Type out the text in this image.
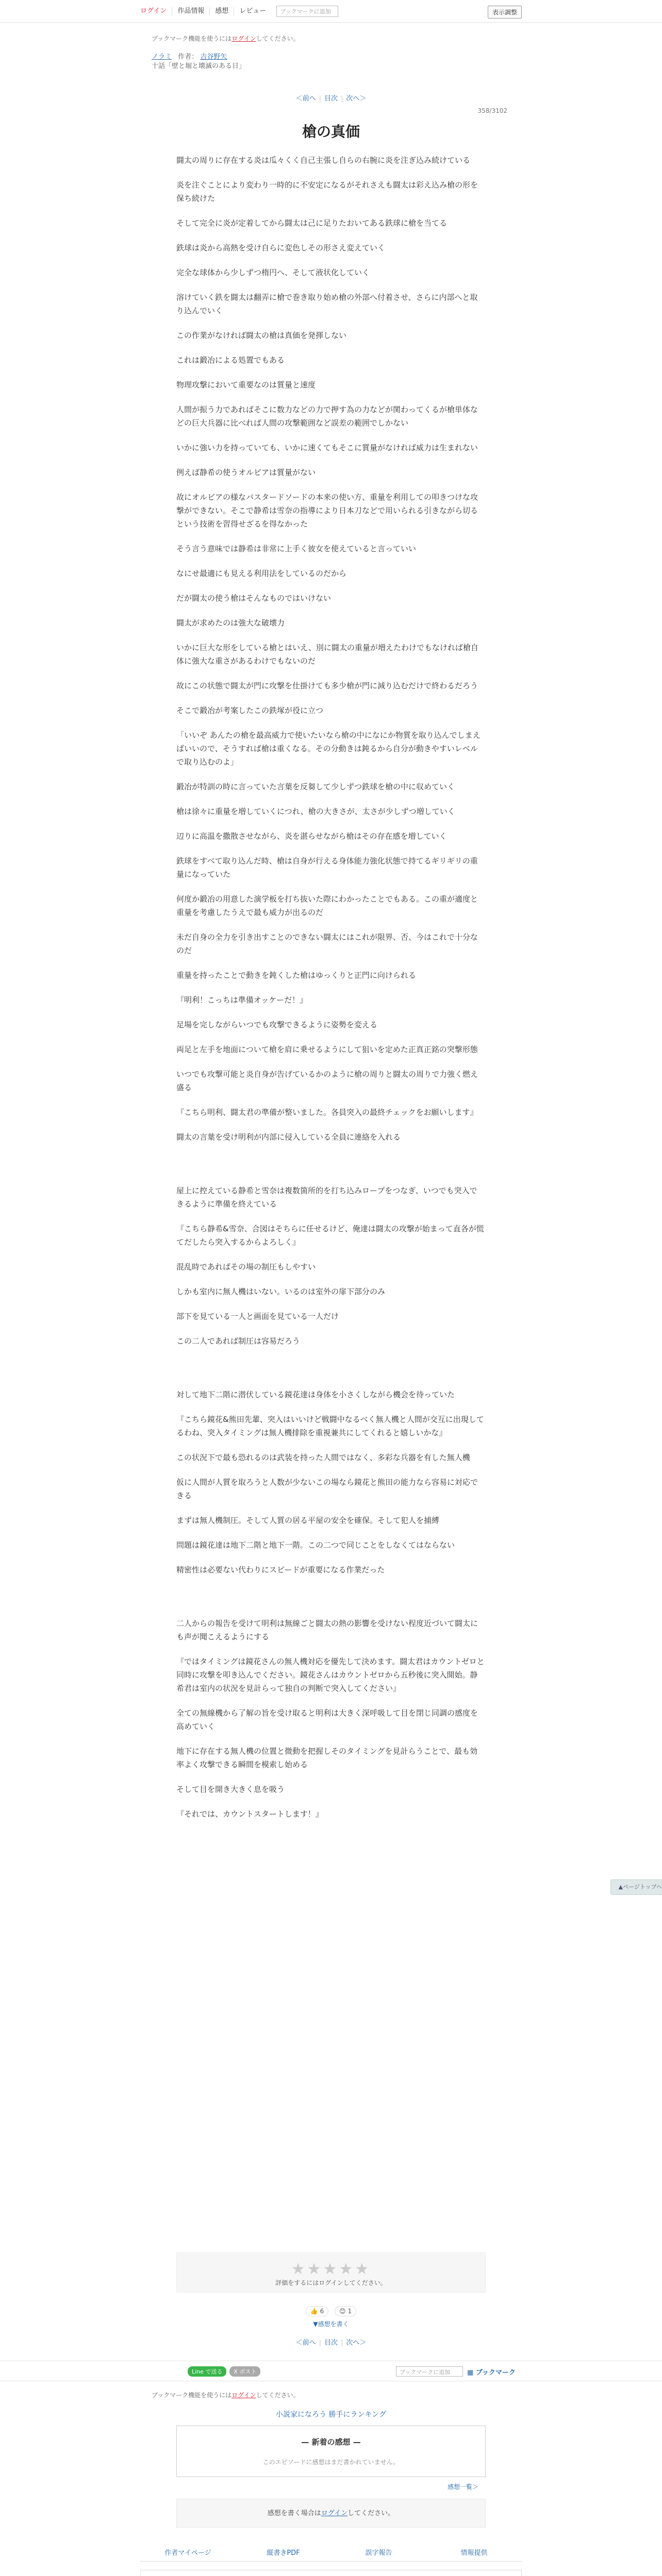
ログイン	作品情報	感想	レビュー	ブックマークに追加	表示調整
ブックマーク機能を使うにはログインしてください。
ノラミ 作者： 吉谷野矢
十話「壁と堀と壊滅のある日」
＜前へ | 目次 | 次へ＞
358/3102
槍の真価

闘太の周りに存在する炎は瓜々くく自己主張し自らの右腕に炎を注ぎ込み続けている

炎を注ぐことにより変わり一時的に不安定になるがそれさえも闘太は彩え込み槍の形を保ち続けた

そして完全に炎が定着してから闘太は己に足りたおいてある鉄球に槍を当てる

鉄球は炎から高熱を受け自らに変色しその形さえ変えていく

完全な球体から少しずつ楕円へ、そして液状化していく

溶けていく鉄を闘太は翻弄に槍で巻き取り始め槍の外部へ付着させ、さらに内部へと取り込んでいく

この作業がなければ闘太の槍は真価を発揮しない

これは鍛冶による処置でもある

物理攻撃において重要なのは質量と速度

人間が振う力であればそこに数力などの力で押す為の力などが関わってくるが槍単体などの巨大兵器に比べれば人間の攻撃範囲など誤差の範囲でしかない

いかに強い力を持っていても、いかに速くてもそこに質量がなければ威力は生まれない

例えば静希の使うオルビアは質量がない

故にオルビアの様なバスタードソードの本来の使い方、重量を利用しての叩きつけな攻撃ができない。そこで静希は雪奈の指導により日本刀などで用いられる引きながら切るという技術を習得せざるを得なかった

そう言う意味では静希は非常に上手く彼女を使えていると言っていい

なにせ最適にも見える利用法をしているのだから

だが闘太の使う槍はそんなものではいけない

闘太が求めたのは強大な破壊力

いかに巨大な形をしている槍とはいえ、別に闘太の重量が増えたわけでもなければ槍自体に強大な重さがあるわけでもないのだ

故にこの状態で闘太が門に攻撃を仕掛けても多少槍が門に減り込むだけで終わるだろう

そこで鍛冶が考案したこの鉄塚が役に立つ

「いいぞ あんたの槍を最高威力で使いたいなら槍の中になにか物質を取り込んでしまえばいいので、そうすれば槍は重くなる。その分動きは鈍るから自分が動きやすいレベルで取り込むのよ」

鍛冶が特訓の時に言っていた言葉を反芻して少しずつ鉄球を槍の中に収めていく

槍は徐々に重量を増していくにつれ、槍の大きさが、太さが少しずつ増していく

辺りに高温を撒散させながら、炎を湛らせながら槍はその存在感を増していく

鉄球をすべて取り込んだ時、槍は自身が行える身体能力強化状態で持てるギリギリの重量になっていた

何度か鍛冶の用意した演学板を打ち抜いた際にわかったことでもある。この重が適度と重量を考慮したうえで最も威力が出るのだ

未だ自身の全力を引き出すことのできない闘太にはこれが限界、否、今はこれで十分なのだ

重量を持ったことで動きを鈍くした槍はゆっくりと正門に向けられる

『明利！こっちは準備オッケーだ！』

足場を完しながらいつでも攻撃できるように姿勢を変える

両足と左手を地面について槍を肩に乗せるようにして狙いを定めた正真正銘の突撃形態

いつでも攻撃可能と炎自身が告げているかのように槍の周りと闘太の周りで力強く燃え盛る

『こちら明利、闘太君の準備が整いました。各員突入の最終チェックをお願いします』

闘太の言葉を受け明利が内部に侵入している全員に連絡を入れる

屋上に控えている静希と雪奈は複数箇所的を打ち込みロープをつなぎ、いつでも突入できるように準備を終えている

『こちら静希&雪奈、合図はそちらに任せるけど、俺達は闘太の攻撃が始まって直各が慌てだしたら突入するからよろしく』

混乱時であればその場の制圧もしやすい

しかも室内に無人機はいない。いるのは室外の扉下部分のみ

部下を見ている一人と画面を見ている一人だけ

この二人であれば制圧は容易だろう

対して地下二階に潜伏している鏡花達は身体を小さくしながら機会を待っていた

『こちら鏡花&熊田先輩、突入はいいけど戦闘中なるべく無人機と人間が交互に出現してるわね、突入タイミングは無人機排除を重視兼共にしてくれると嬉しいかな』

この状況下で最も恐れるのは武装を持った人間ではなく、多彩な兵器を有した無人機

仮に人間が人質を取ろうと人数が少ないこの場なら鏡花と熊田の能力なら容易に対応できる

まずは無人機制圧。そして人質の居る平屋の安全を確保。そして犯人を捕縛

問題は鏡花達は地下二階と地下一階。この二つで同じことをしなくてはならない

精密性は必要ない代わりにスピードが重要になる作業だった

二人からの報告を受けて明利は無線ごと闘太の熱の影響を受けない程度近づいて闘太にも声が聞こえるようにする

『ではタイミングは鏡花さんの無人機対応を優先して決めます。闘太君はカウントゼロと同時に攻撃を叩き込んでください。鏡花さんはカウントゼロから五秒後に突入開始。静希君は室内の状況を見計らって独自の判断で突入してください』

全ての無線機から了解の旨を受け取ると明利は大きく深呼吸して目を閉じ同調の感度を高めていく

地下に存在する無人機の位置と微動を把握しそのタイミングを見計らうことで、最も効率よく攻撃できる瞬間を模索し始める

そして目を開き大きく息を吸う

『それでは、カウントスタートします！』

▲ページトップへ
★★★★★
評価をするにはログインしてください。
👍 6 😊 1
▼感想を書く
＜前へ | 目次 | 次へ＞
Line で送る	X ポスト	ブックマークに追加	▦ ブックマーク
ブックマーク機能を使うにはログインしてください。
小説家になろう 勝手にランキング
— 新着の感想 —
このエピソードに感想はまだ書かれていません。
感想一覧＞
感想を書く場合はログインしてください。
作者マイページ	縦書きPDF	誤字報告	情報提供
